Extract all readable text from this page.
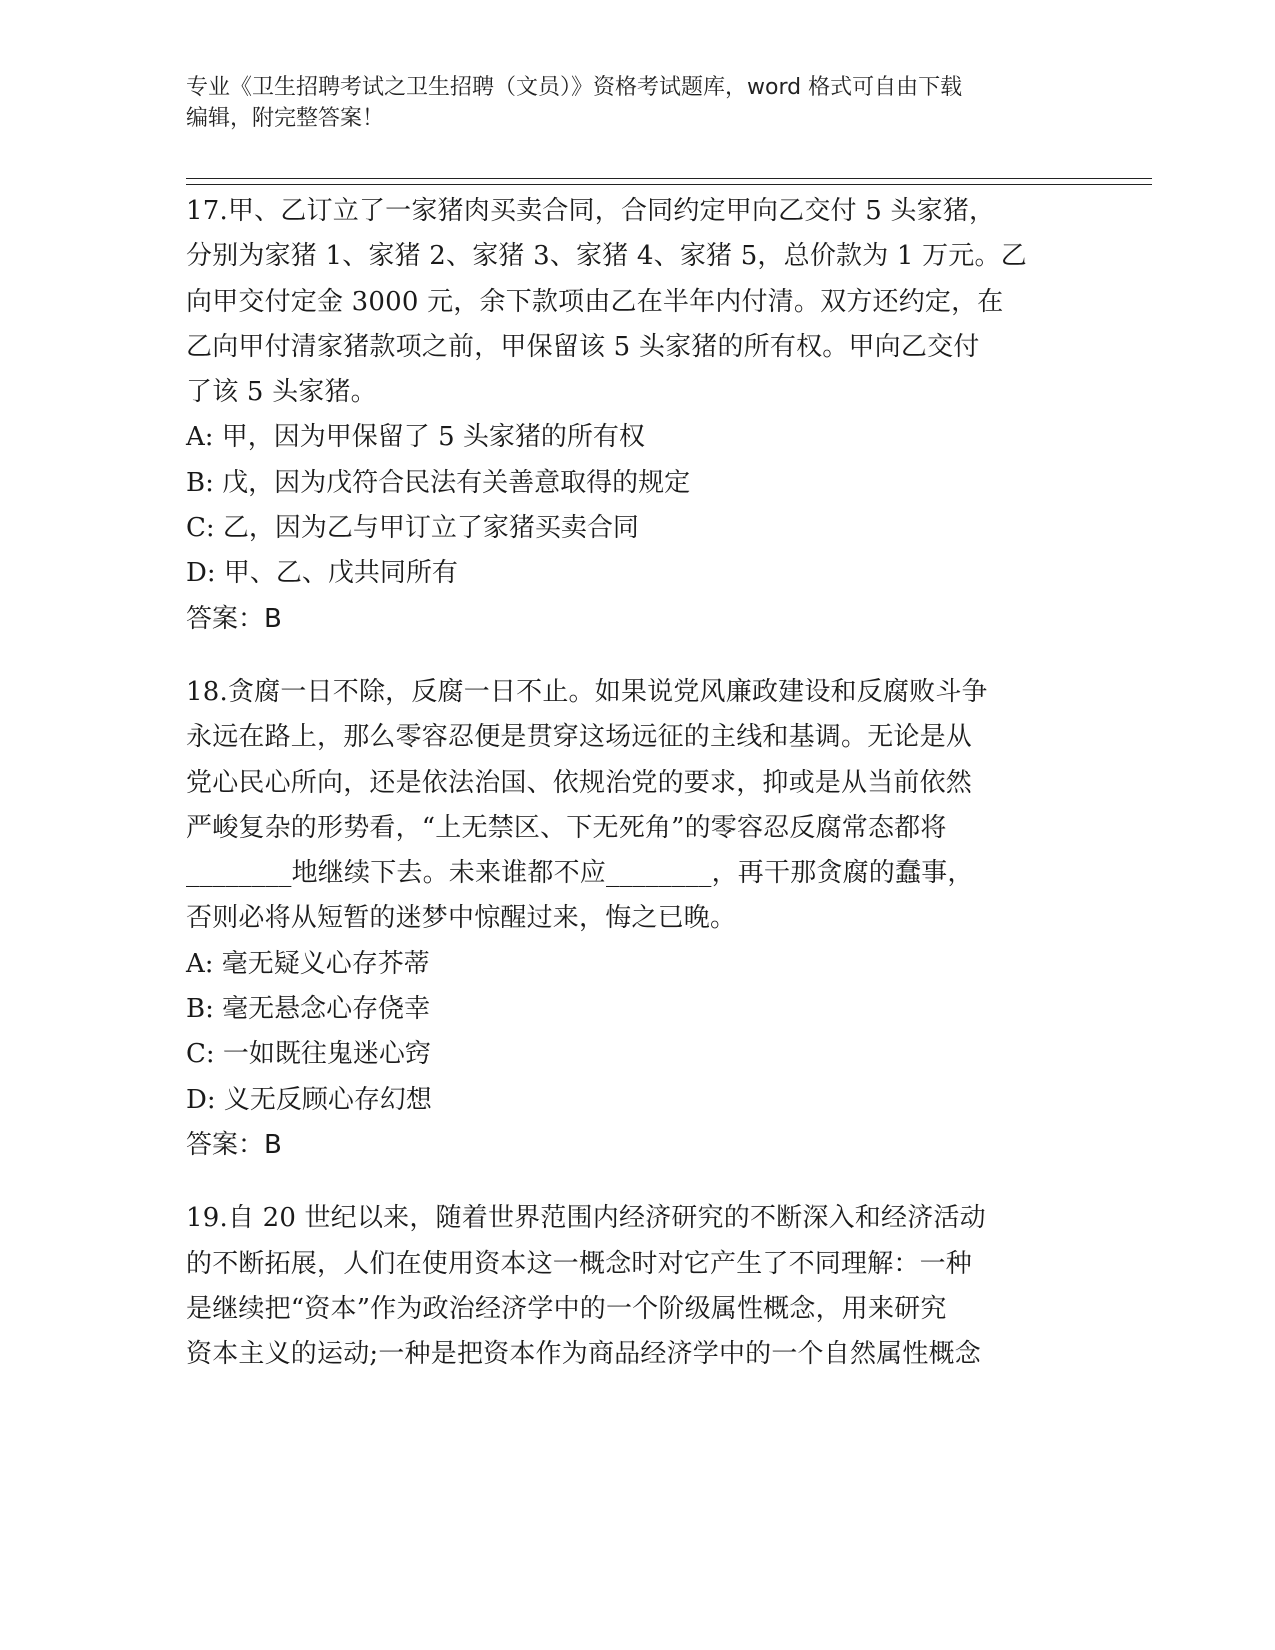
专业《卫生招聘考试之卫生招聘（文员）》资格考试题库，word 格式可自由下载
编辑，附完整答案！
17.甲、乙订立了一家猪肉买卖合同，合同约定甲向乙交付 5 头家猪，
分别为家猪 1、家猪 2、家猪 3、家猪 4、家猪 5，总价款为 1 万元。乙
向甲交付定金 3000 元，余下款项由乙在半年内付清。双方还约定，在
乙向甲付清家猪款项之前，甲保留该 5 头家猪的所有权。甲向乙交付
了该 5 头家猪。
A: 甲，因为甲保留了 5 头家猪的所有权
B: 戊，因为戊符合民法有关善意取得的规定
C: 乙，因为乙与甲订立了家猪买卖合同
D: 甲、乙、戊共同所有
答案：B
18.贪腐一日不除，反腐一日不止。如果说党风廉政建设和反腐败斗争
永远在路上，那么零容忍便是贯穿这场远征的主线和基调。无论是从
党心民心所向，还是依法治国、依规治党的要求，抑或是从当前依然
严峻复杂的形势看，“上无禁区、下无死角”的零容忍反腐常态都将
________地继续下去。未来谁都不应________，再干那贪腐的蠢事，
否则必将从短暂的迷梦中惊醒过来，悔之已晚。
A: 毫无疑义心存芥蒂
B: 毫无悬念心存侥幸
C: 一如既往鬼迷心窍
D: 义无反顾心存幻想
答案：B
19.自 20 世纪以来，随着世界范围内经济研究的不断深入和经济活动
的不断拓展，人们在使用资本这一概念时对它产生了不同理解：一种
是继续把“资本”作为政治经济学中的一个阶级属性概念，用来研究
资本主义的运动;一种是把资本作为商品经济学中的一个自然属性概念
